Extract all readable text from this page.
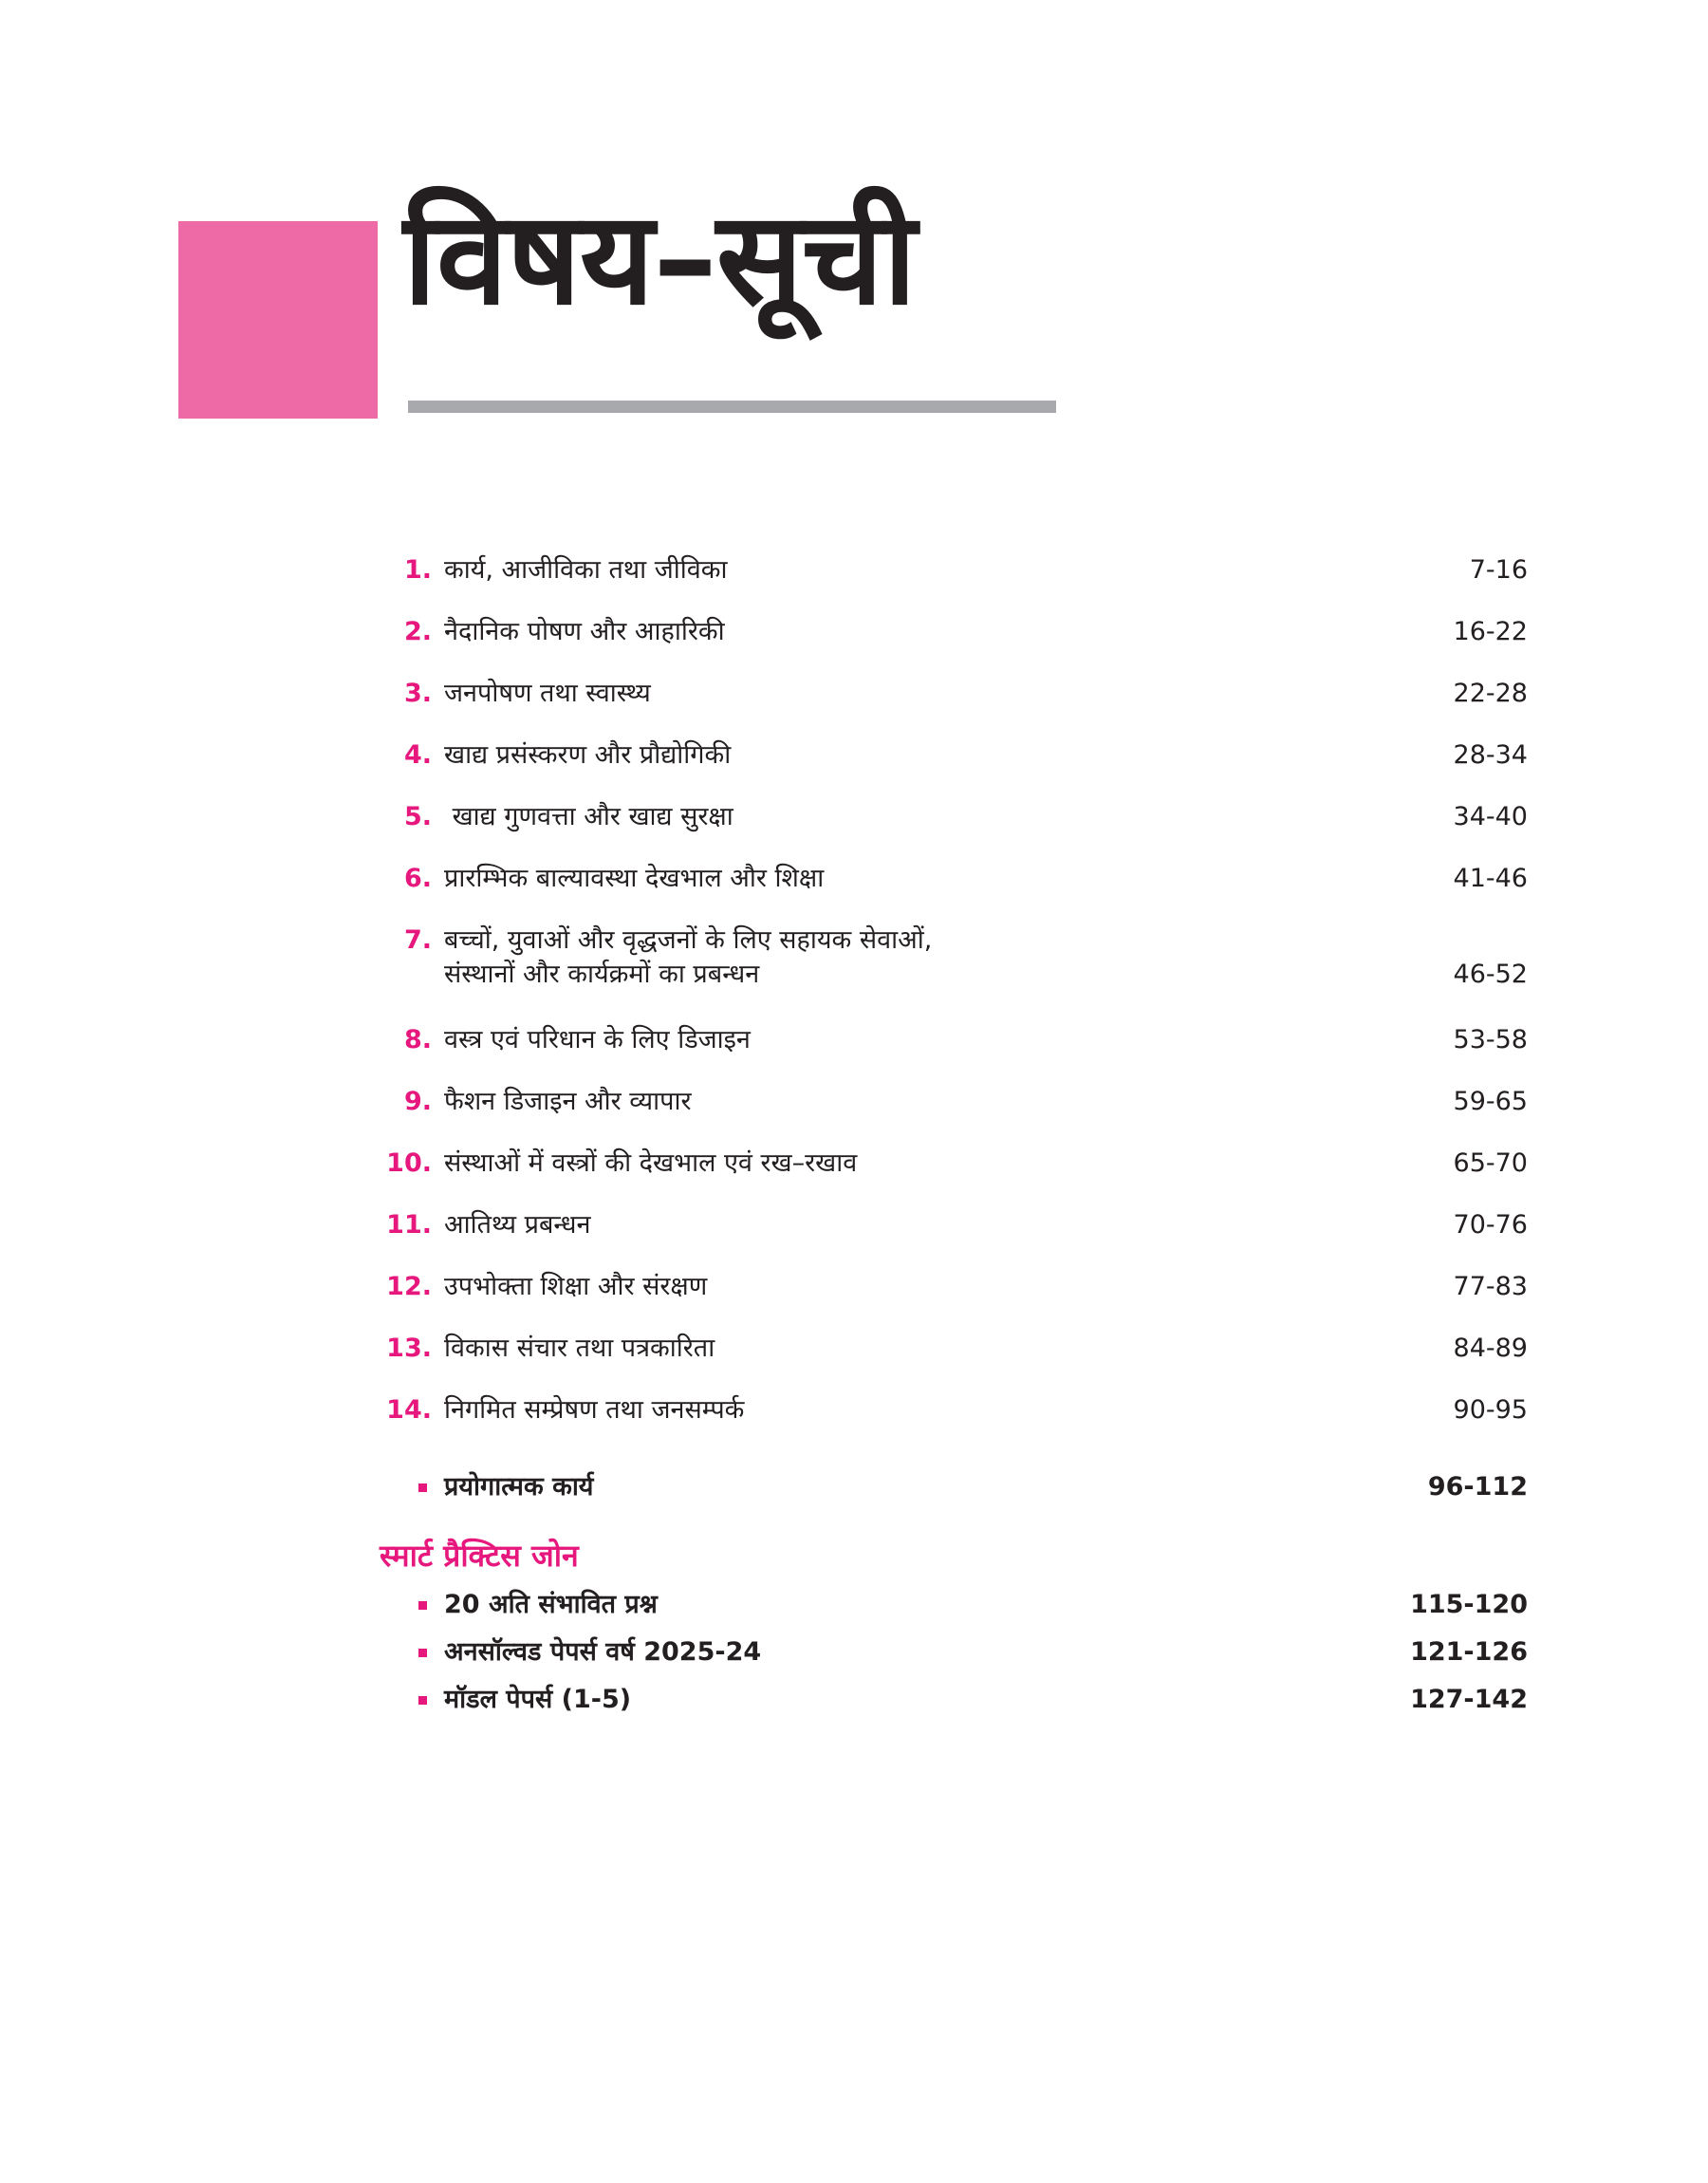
विषय–सूची
1. कार्य, आजीविका तथा जीविका	7-16
2. नैदानिक पोषण और आहारिकी	16-22
3. जनपोषण तथा स्वास्थ्य	22-28
4. खाद्य प्रसंस्करण और प्रौद्योगिकी	28-34
5. खाद्य गुणवत्ता और खाद्य सुरक्षा	34-40
6. प्रारम्भिक बाल्यावस्था देखभाल और शिक्षा	41-46
7. बच्चों, युवाओं और वृद्धजनों के लिए सहायक सेवाओं,
संस्थानों और कार्यक्रमों का प्रबन्धन	46-52
8. वस्त्र एवं परिधान के लिए डिजाइन	53-58
9. फैशन डिजाइन और व्यापार	59-65
10. संस्थाओं में वस्त्रों की देखभाल एवं रख–रखाव	65-70
11. आतिथ्य प्रबन्धन	70-76
12. उपभोक्ता शिक्षा और संरक्षण	77-83
13. विकास संचार तथा पत्रकारिता	84-89
14. निगमित सम्प्रेषण तथा जनसम्पर्क	90-95
प्रयोगात्मक कार्य	96-112
स्मार्ट प्रैक्टिस जोन
20 अति संभावित प्रश्न	115-120
अनसॉल्वड पेपर्स वर्ष 2025-24	121-126
मॉडल पेपर्स (1-5)	127-142
